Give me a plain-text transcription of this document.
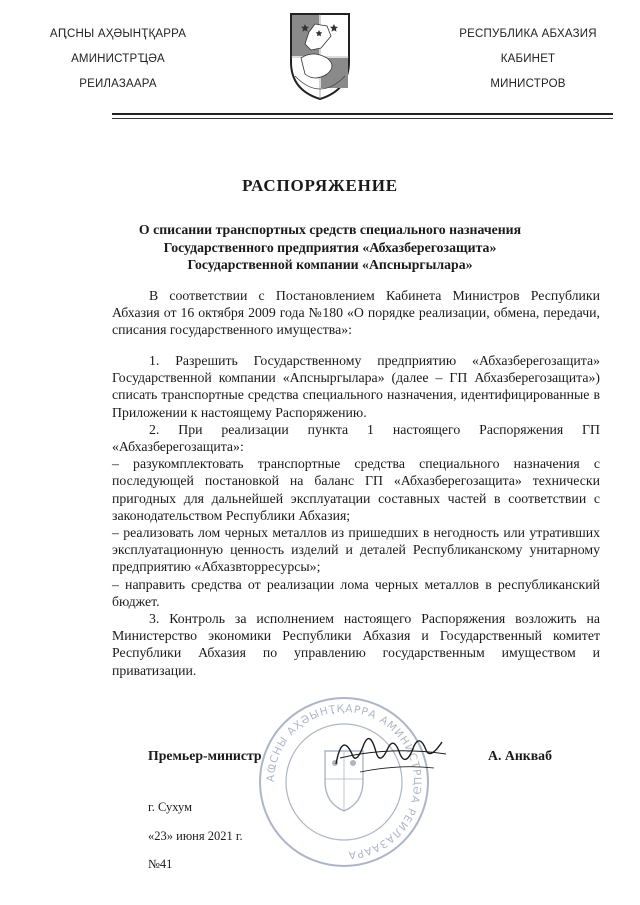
АԤСНЫ АҲӘЫНҬҚАРРА
АМИНИСТРҴӘА
РЕИЛАЗААРА
РЕСПУБЛИКА АБХАЗИЯ
КАБИНЕТ
МИНИСТРОВ
РАСПОРЯЖЕНИЕ
О списании транспортных средств специального назначения
Государственного предприятия «Абхазберегозащита»
Государственной компании «Апсныргылара»

В соответствии с Постановлением Кабинета Министров Республики Абхазия от 16 октября 2009 года №180 «О порядке реализации, обмена, передачи, списания государственного имущества»:

1. Разрешить Государственному предприятию «Абхазберегозащита» Государственной компании «Апсныргылара» (далее – ГП Абхазберегозащита») списать транспортные средства специального назначения, идентифицированные в Приложении к настоящему Распоряжению.

2. При реализации пункта 1 настоящего Распоряжения ГП «Абхазберегозащита»:

– разукомплектовать транспортные средства специального назначения с последующей постановкой на баланс ГП «Абхазберегозащита» технически пригодных для дальнейшей эксплуатации составных частей в соответствии с законодательством Республики Абхазия;

– реализовать лом черных металлов из пришедших в негодность или утративших эксплуатационную ценность изделий и деталей Республиканскому унитарному предприятию «Абхазвторресурсы»;

– направить средства от реализации лома черных металлов в республиканский бюджет.

3. Контроль за исполнением настоящего Распоряжения возложить на Министерство экономики Республики Абхазия и Государственный комитет Республики Абхазия по управлению государственным имуществом и приватизации.

АҨСНЫ АҲӘЫНҬҚАРРА АМИНИСТРЦӘА РЕИЛАЗААРА
Премьер-министр	А. Анкваб
г. Сухум
«23» июня 2021 г.
№41
